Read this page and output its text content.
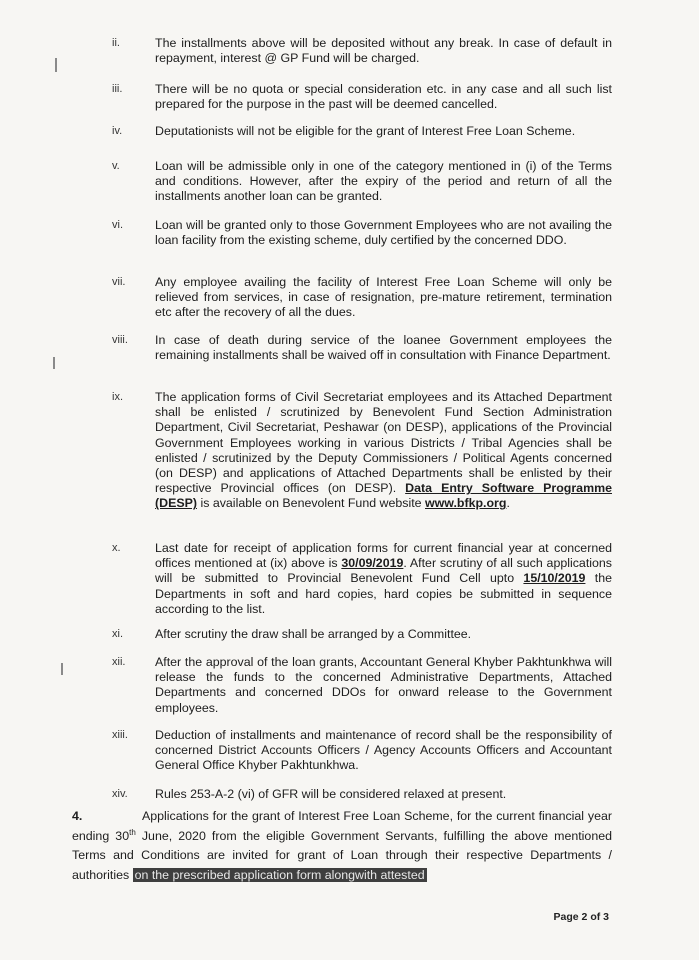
ii.	The installments above will be deposited without any break. In case of default in repayment, interest @ GP Fund will be charged.
iii.	There will be no quota or special consideration etc. in any case and all such list prepared for the purpose in the past will be deemed cancelled.
iv.	Deputationists will not be eligible for the grant of Interest Free Loan Scheme.
v.	Loan will be admissible only in one of the category mentioned in (i) of the Terms and conditions. However, after the expiry of the period and return of all the installments another loan can be granted.
vi.	Loan will be granted only to those Government Employees who are not availing the loan facility from the existing scheme, duly certified by the concerned DDO.
vii.	Any employee availing the facility of Interest Free Loan Scheme will only be relieved from services, in case of resignation, pre-mature retirement, termination etc after the recovery of all the dues.
viii.	In case of death during service of the loanee Government employees the remaining installments shall be waived off in consultation with Finance Department.
ix.	The application forms of Civil Secretariat employees and its Attached Department shall be enlisted / scrutinized by Benevolent Fund Section Administration Department, Civil Secretariat, Peshawar (on DESP), applications of the Provincial Government Employees working in various Districts / Tribal Agencies shall be enlisted / scrutinized by the Deputy Commissioners / Political Agents concerned (on DESP) and applications of Attached Departments shall be enlisted by their respective Provincial offices (on DESP). Data Entry Software Programme (DESP) is available on Benevolent Fund website www.bfkp.org.
x.	Last date for receipt of application forms for current financial year at concerned offices mentioned at (ix) above is 30/09/2019. After scrutiny of all such applications will be submitted to Provincial Benevolent Fund Cell upto 15/10/2019 the Departments in soft and hard copies, hard copies be submitted in sequence according to the list.
xi.	After scrutiny the draw shall be arranged by a Committee.
xii.	After the approval of the loan grants, Accountant General Khyber Pakhtunkhwa will release the funds to the concerned Administrative Departments, Attached Departments and concerned DDOs for onward release to the Government employees.
xiii.	Deduction of installments and maintenance of record shall be the responsibility of concerned District Accounts Officers / Agency Accounts Officers and Accountant General Office Khyber Pakhtunkhwa.
xiv.	Rules 253-A-2 (vi) of GFR will be considered relaxed at present.
4.	Applications for the grant of Interest Free Loan Scheme, for the current financial year ending 30th June, 2020 from the eligible Government Servants, fulfilling the above mentioned Terms and Conditions are invited for grant of Loan through their respective Departments / authorities on the prescribed application form alongwith attested
Page 2 of 3
